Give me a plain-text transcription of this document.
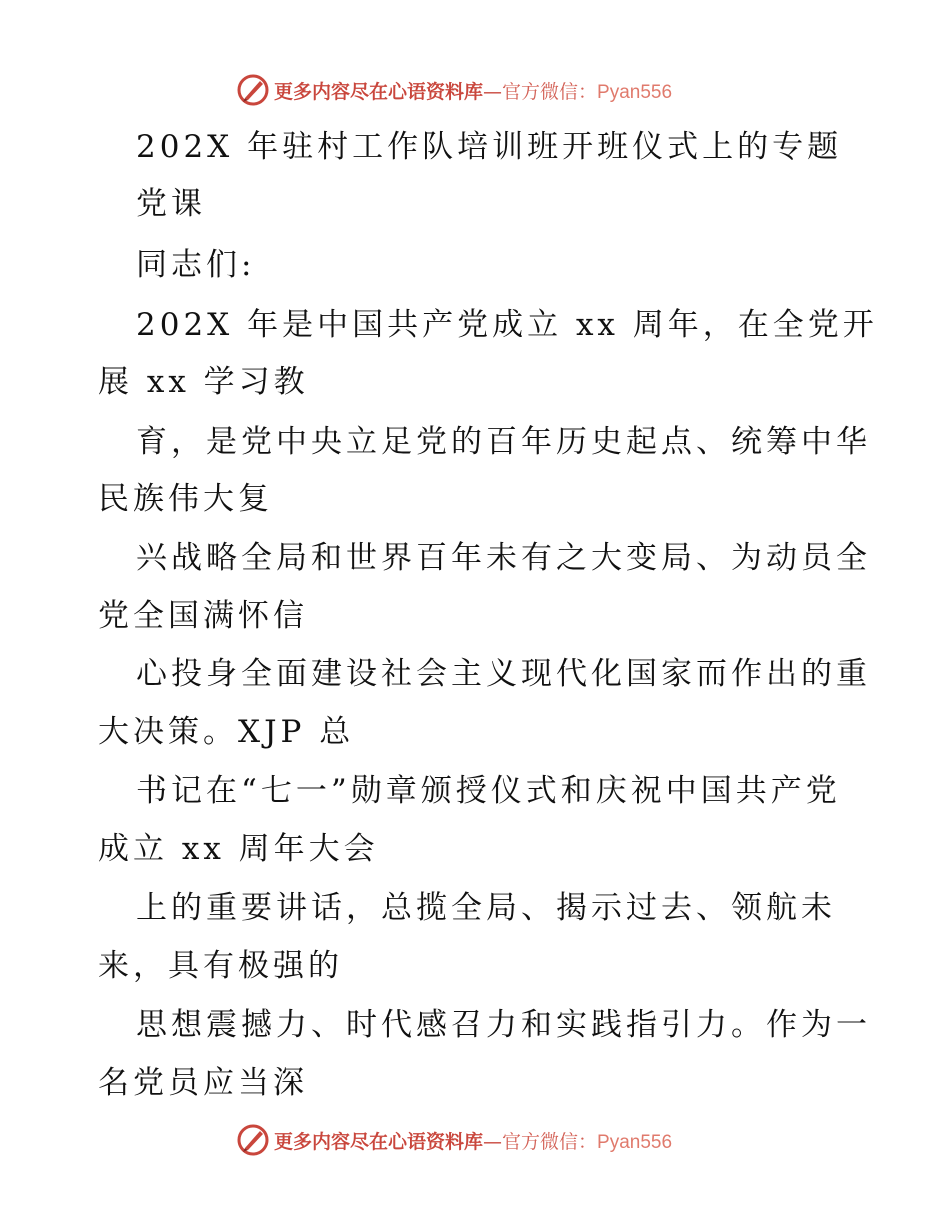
更多内容尽在心语资料库—官方微信：Pyan556
202X 年驻村工作队培训班开班仪式上的专题
党课
同志们:
202X 年是中国共产党成立 xx 周年，在全党开
展 xx 学习教
育，是党中央立足党的百年历史起点、统筹中华
民族伟大复
兴战略全局和世界百年未有之大变局、为动员全
党全国满怀信
心投身全面建设社会主义现代化国家而作出的重
大决策。XJP 总
书记在“七一”勋章颁授仪式和庆祝中国共产党
成立 xx 周年大会
上的重要讲话，总揽全局、揭示过去、领航未
来，具有极强的
思想震撼力、时代感召力和实践指引力。作为一
名党员应当深
更多内容尽在心语资料库—官方微信：Pyan556
